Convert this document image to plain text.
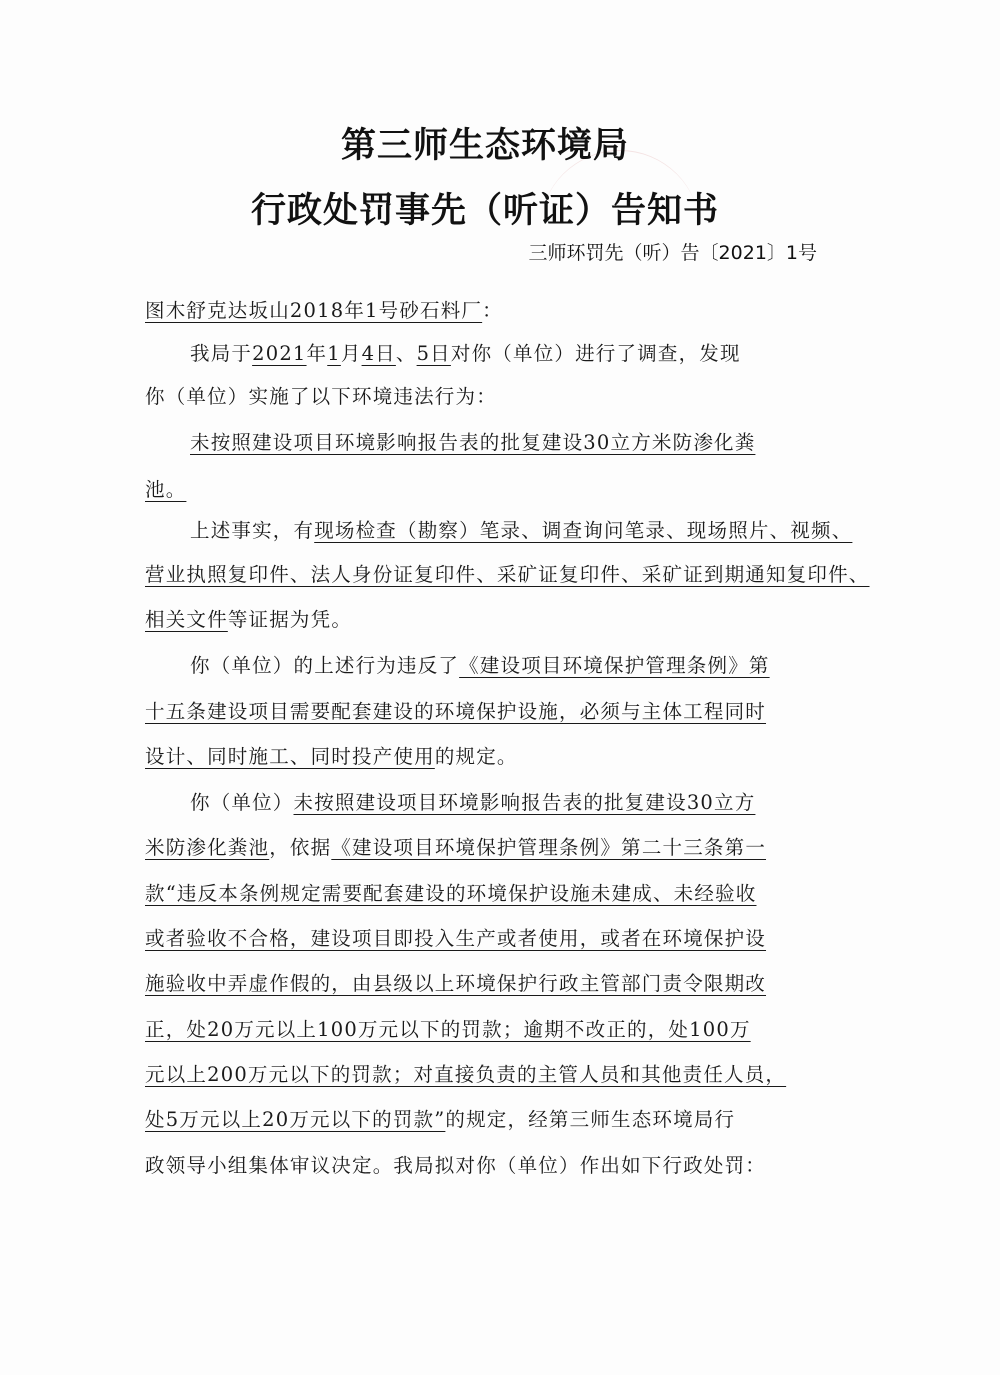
第三师生态环境局
行政处罚事先（听证）告知书
三师环罚先（听）告〔2021〕1号
图木舒克达坂山2018年1号砂石料厂：
我局于2021年1月4日、5日对你（单位）进行了调查，发现
你（单位）实施了以下环境违法行为：
未按照建设项目环境影响报告表的批复建设30立方米防渗化粪
池。
上述事实，有现场检查（勘察）笔录、调查询问笔录、现场照片、视频、
营业执照复印件、法人身份证复印件、采矿证复印件、采矿证到期通知复印件、
相关文件等证据为凭。
你（单位）的上述行为违反了《建设项目环境保护管理条例》第
十五条建设项目需要配套建设的环境保护设施，必须与主体工程同时
设计、同时施工、同时投产使用的规定。
你（单位）未按照建设项目环境影响报告表的批复建设30立方
米防渗化粪池，依据《建设项目环境保护管理条例》第二十三条第一
款“违反本条例规定需要配套建设的环境保护设施未建成、未经验收
或者验收不合格，建设项目即投入生产或者使用，或者在环境保护设
施验收中弄虚作假的，由县级以上环境保护行政主管部门责令限期改
正，处20万元以上100万元以下的罚款；逾期不改正的，处100万
元以上200万元以下的罚款；对直接负责的主管人员和其他责任人员，
处5万元以上20万元以下的罚款”的规定，经第三师生态环境局行
政领导小组集体审议决定。我局拟对你（单位）作出如下行政处罚：
